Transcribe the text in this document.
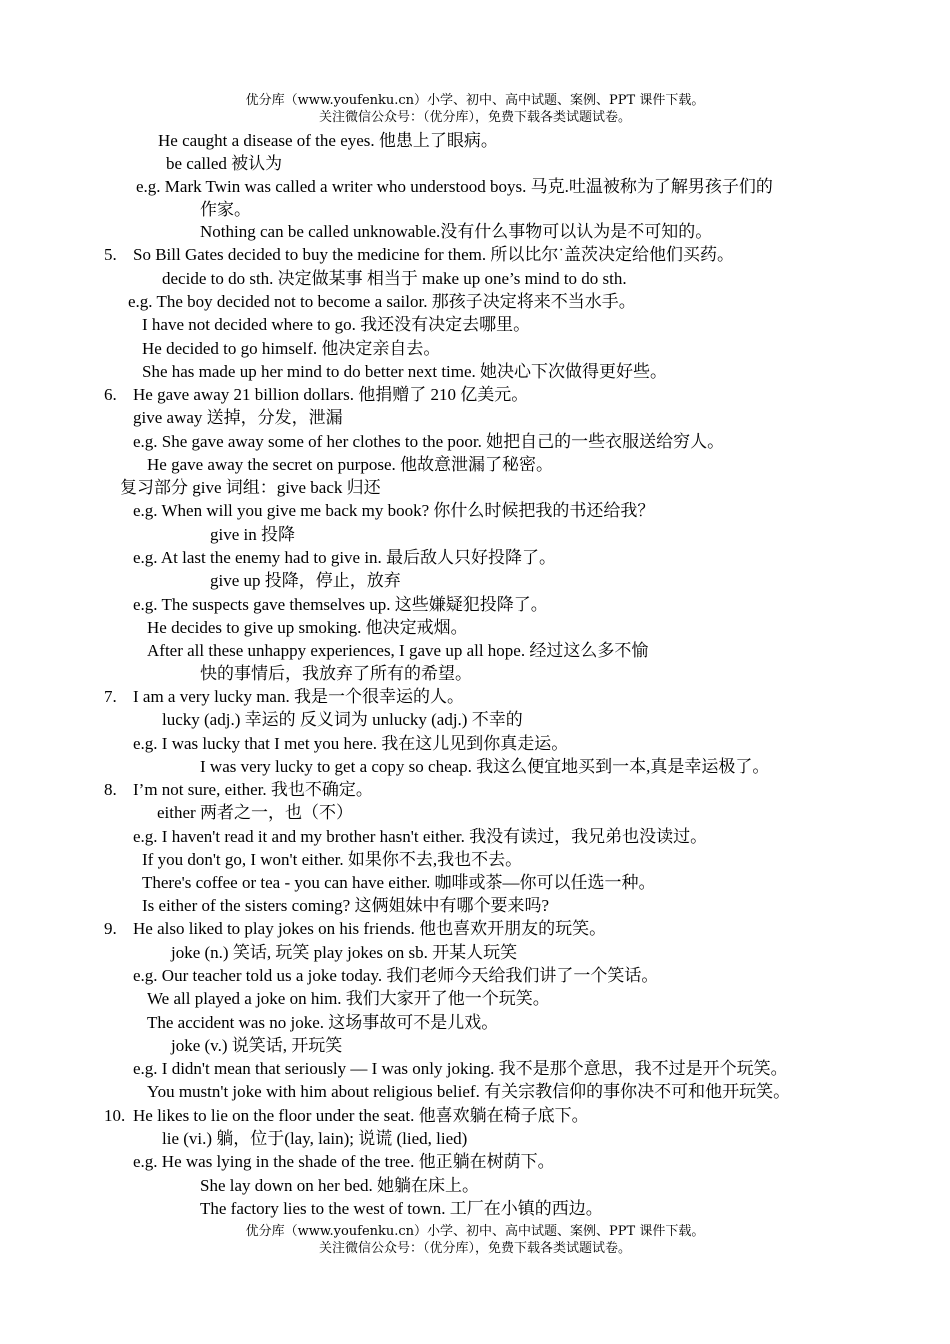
优分库（www.youfenku.cn）小学、初中、高中试题、案例、PPT 课件下载。
关注微信公众号：（优分库），免费下载各类试题试卷。
5.
6.
7.
8.
9.
10.
He caught a disease of the eyes. 他患上了眼病。
be called 被认为
e.g. Mark Twin was called a writer who understood boys. 马克.吐温被称为了解男孩子们的
作家。
Nothing can be called unknowable.没有什么事物可以认为是不可知的。
So Bill Gates decided to buy the medicine for them. 所以比尔˙盖茨决定给他们买药。
decide to do sth. 决定做某事 相当于 make up one’s mind to do sth.
e.g. The boy decided not to become a sailor. 那孩子决定将来不当水手。
I have not decided where to go. 我还没有决定去哪里。
He decided to go himself. 他决定亲自去。
She has made up her mind to do better next time. 她决心下次做得更好些。
He gave away 21 billion dollars. 他捐赠了 210 亿美元。
give away 送掉，分发，泄漏
e.g. She gave away some of her clothes to the poor. 她把自己的一些衣服送给穷人。
He gave away the secret on purpose. 他故意泄漏了秘密。
复习部分 give 词组：give back 归还
e.g. When will you give me back my book? 你什么时候把我的书还给我？
give in 投降
e.g. At last the enemy had to give in. 最后敌人只好投降了。
give up 投降，停止，放弃
e.g. The suspects gave themselves up. 这些嫌疑犯投降了。
He decides to give up smoking. 他决定戒烟。
After all these unhappy experiences, I gave up all hope. 经过这么多不愉
快的事情后，我放弃了所有的希望。
I am a very lucky man. 我是一个很幸运的人。
lucky (adj.) 幸运的 反义词为 unlucky (adj.) 不幸的
e.g. I was lucky that I met you here. 我在这儿见到你真走运。
I was very lucky to get a copy so cheap. 我这么便宜地买到一本,真是幸运极了。
I’m not sure, either. 我也不确定。
either 两者之一，也（不）
e.g. I haven't read it and my brother hasn't either. 我没有读过，我兄弟也没读过。
If you don't go, I won't either. 如果你不去,我也不去。
There's coffee or tea - you can have either. 咖啡或茶—你可以任选一种。
Is either of the sisters coming? 这俩姐妹中有哪个要来吗?
He also liked to play jokes on his friends. 他也喜欢开朋友的玩笑。
joke (n.) 笑话, 玩笑 play jokes on sb. 开某人玩笑
e.g. Our teacher told us a joke today. 我们老师今天给我们讲了一个笑话。
We all played a joke on him. 我们大家开了他一个玩笑。
The accident was no joke. 这场事故可不是儿戏。
joke (v.) 说笑话, 开玩笑
e.g. I didn't mean that seriously — I was only joking. 我不是那个意思，我不过是开个玩笑。
You mustn't joke with him about religious belief. 有关宗教信仰的事你决不可和他开玩笑。
He likes to lie on the floor under the seat. 他喜欢躺在椅子底下。
lie (vi.) 躺，位于(lay, lain); 说谎 (lied, lied)
e.g. He was lying in the shade of the tree. 他正躺在树荫下。
She lay down on her bed. 她躺在床上。
The factory lies to the west of town. 工厂在小镇的西边。
优分库（www.youfenku.cn）小学、初中、高中试题、案例、PPT 课件下载。
关注微信公众号：（优分库），免费下载各类试题试卷。
